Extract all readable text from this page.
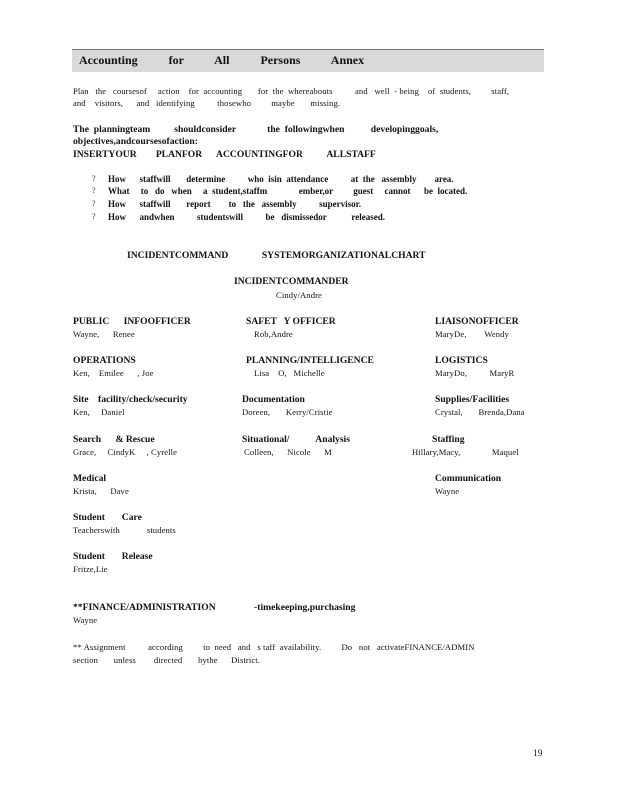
Accounting for All Persons Annex
Plan   the   coursesof     action    for  accounting       for  the  whereabouts          and   well  - being    of  students,         staff,
and    visitors,      and   identifying          thosewho         maybe       missing.
The  planningteam          shouldconsider             the  followingwhen           developinggoals,
objectives,andcoursesofaction:
INSERTYOUR        PLANFOR      ACCOUNTINGFOR          ALLSTAFF
? How      staffwill       determine          who  isin  attendance          at  the   assembly        area.
? What     to   do   when     a  student,staffm              ember,or         guest     cannot      be  located.
? How      staffwill       report        to   the   assembly          supervisor.
? How      andwhen          studentswill          be   dismissedor           released.
INCIDENTCOMMAND              SYSTEMORGANIZATIONALCHART
INCIDENTCOMMANDER
Cindy/Andre
PUBLIC      INFOOFFICER
Wayne,      Renee
SAFET   Y OFFICER
Rob,Andre
LIAISONOFFICER
MaryDe,        Wendy
OPERATIONS
Ken,    Emilee      , Joe
PLANNING/INTELLIGENCE
Lisa    O,   Michelle
LOGISTICS
MaryDo,          MaryR
Site    facility/check/security
Ken,     Daniel
Documentation
Doreen,       Kerry/Cristie
Supplies/Facilities
Crystal,       Brenda,Dana
Search      & Rescue
Grace,     CindyK     , Cyrelle
Situational/           Analysis
Colleen,      Nicole      M
Staffing
Hillary,Macy,              Maquel
Medical
Krista,      Dave
Communication
Wayne
Student       Care
Teacherswith            students
Student       Release
Fritze,Lie
**FINANCE/ADMINISTRATION                -timekeeping,purchasing
Wayne
** Assignment          according         to  need   and   s taff  availability.         Do   not   activateFINANCE/ADMIN
section       unless        directed       bythe      District.
19
